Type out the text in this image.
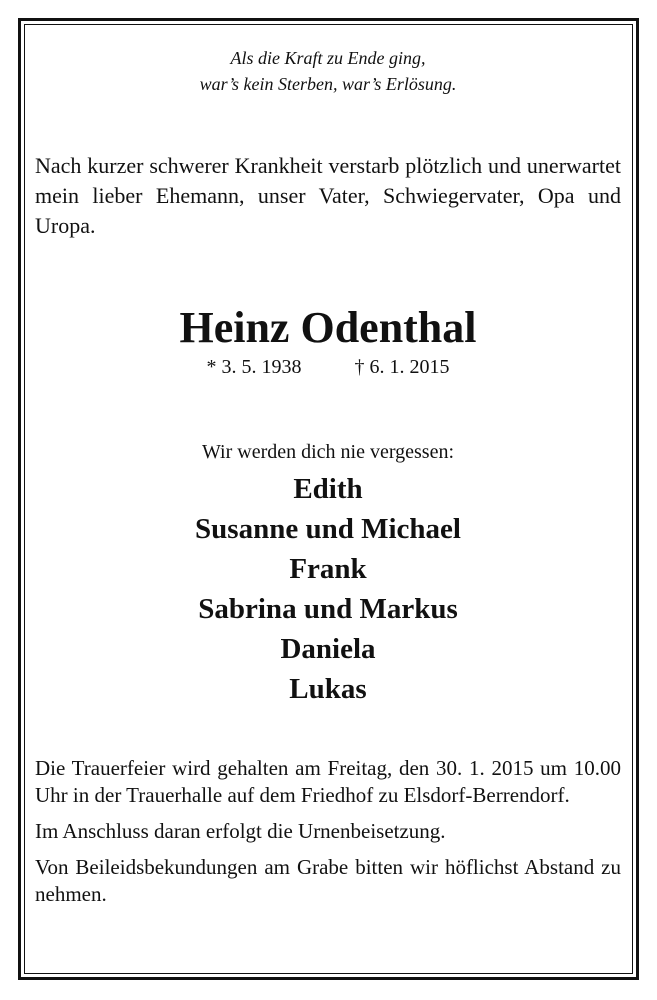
Als die Kraft zu Ende ging,
war’s kein Sterben, war’s Erlösung.

Nach kurzer schwerer Krankheit verstarb plötzlich und unerwartet mein lieber Ehemann, unser Vater, Schwiegervater, Opa und Uropa.

Heinz Odenthal

* 3. 5. 1938	† 6. 1. 2015

Wir werden dich nie vergessen:

Edith
Susanne und Michael
Frank
Sabrina und Markus
Daniela
Lukas

Die Trauerfeier wird gehalten am Freitag, den 30. 1. 2015 um 10.00 Uhr in der Trauerhalle auf dem Friedhof zu Elsdorf-Berrendorf.

Im Anschluss daran erfolgt die Urnenbeisetzung.

Von Beileidsbekundungen am Grabe bitten wir höflichst Abstand zu nehmen.
